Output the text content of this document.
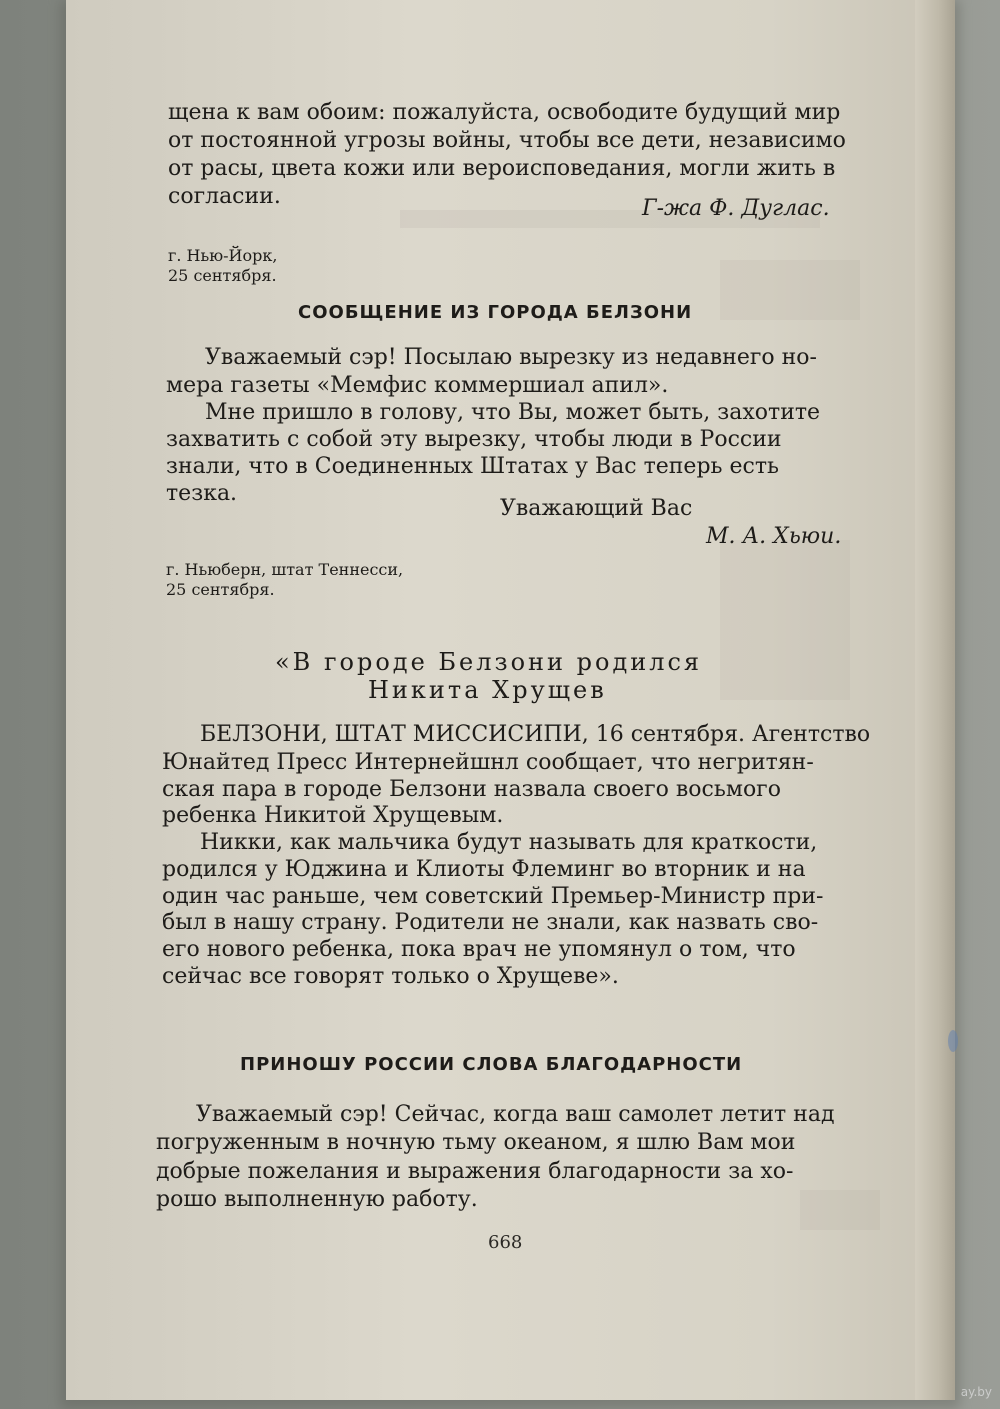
щена к вам обоим: пожалуйста, освободите будущий мир
от постоянной угрозы войны, чтобы все дети, независимо
от расы, цвета кожи или вероисповедания, могли жить в
согласии.	Г-жа Ф. Дуглас.
г. Нью-Йорк,
25 сентября.
СООБЩЕНИЕ ИЗ ГОРОДА БЕЛЗОНИ
Уважаемый сэр! Посылаю вырезку из недавнего но-
мера газеты «Мемфис коммершиал апил».
Мне пришло в голову, что Вы, может быть, захотите
захватить с собой эту вырезку, чтобы люди в России
знали, что в Соединенных Штатах у Вас теперь есть
тезка.
Уважающий Вас
М. А. Хьюи.
г. Ньюберн, штат Теннесси,
25 сентября.
«В городе Белзони родился
Никита Хрущев
БЕЛЗОНИ, ШТАТ МИССИСИПИ, 16 сентября. Агентство
Юнайтед Пресс Интернейшнл сообщает, что негритян-
ская пара в городе Белзони назвала своего восьмого
ребенка Никитой Хрущевым.
Никки, как мальчика будут называть для краткости,
родился у Юджина и Клиоты Флеминг во вторник и на
один час раньше, чем советский Премьер-Министр при-
был в нашу страну. Родители не знали, как назвать сво-
его нового ребенка, пока врач не упомянул о том, что
сейчас все говорят только о Хрущеве».
ПРИНОШУ РОССИИ СЛОВА БЛАГОДАРНОСТИ
Уважаемый сэр! Сейчас, когда ваш самолет летит над
погруженным в ночную тьму океаном, я шлю Вам мои
добрые пожелания и выражения благодарности за хо-
рошо выполненную работу.
668
ay.by
